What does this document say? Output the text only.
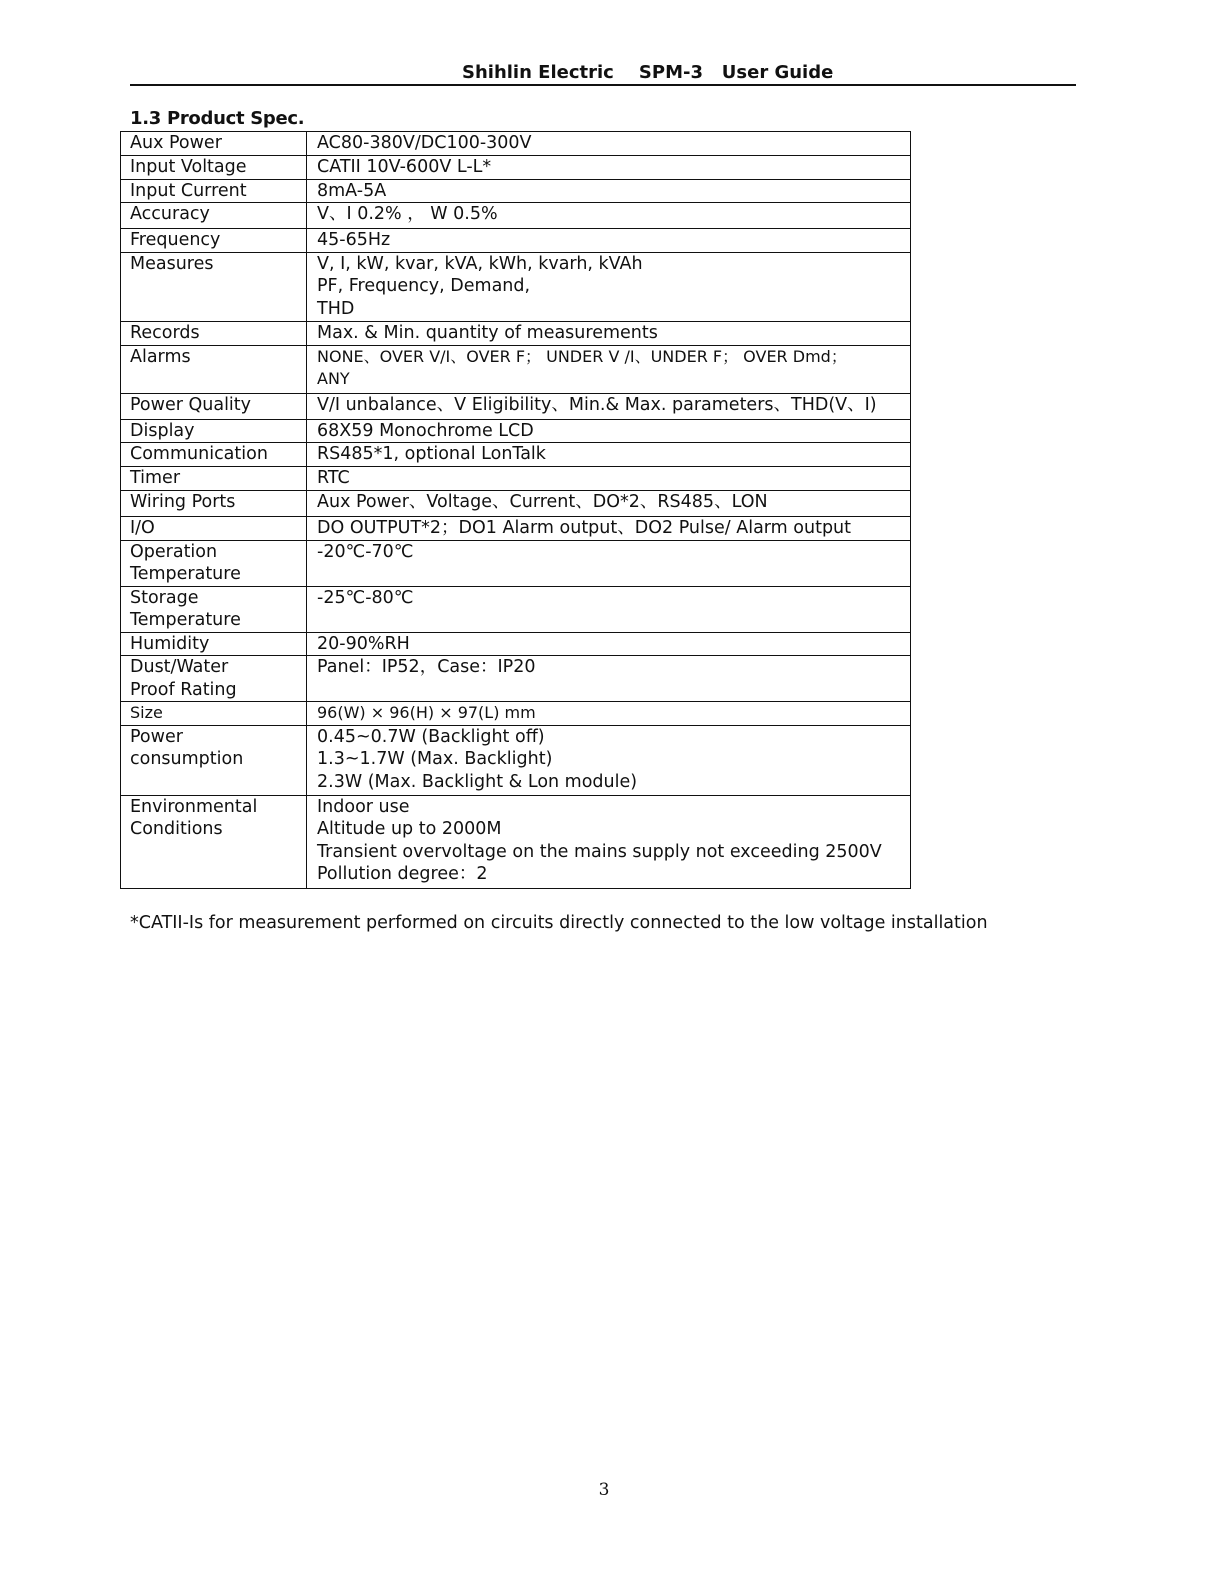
Shihlin Electric    SPM-3   User Guide
1.3 Product Spec.
Aux Power	AC80-380V/DC100-300V

Input Voltage	CATII 10V-600V L-L*

Input Current	8mA-5A

Accuracy	V、I 0.2% ， W 0.5%

Frequency	45-65Hz

Measures	V, I, kW, kvar, kVA, kWh, kvarh, kVAh
PF, Frequency, Demand,
THD

Records	Max. & Min. quantity of measurements

Alarms	NONE、OVER V/I、OVER F； UNDER V /I、UNDER F； OVER Dmd；
ANY

Power Quality	V/I unbalance、V Eligibility、Min.& Max. parameters、THD(V、I)

Display	68X59 Monochrome LCD

Communication	RS485*1, optional LonTalk

Timer	RTC

Wiring Ports	Aux Power、Voltage、Current、DO*2、RS485、LON

I/O	DO OUTPUT*2；DO1 Alarm output、DO2 Pulse/ Alarm output

Operation
Temperature	-20℃-70℃

Storage
Temperature	-25℃-80℃

Humidity	20-90%RH

Dust/Water
Proof Rating	Panel：IP52，Case：IP20

Size	96(W) × 96(H) × 97(L) mm

Power
consumption	0.45~0.7W (Backlight off)
1.3~1.7W (Max. Backlight)
2.3W (Max. Backlight & Lon module)

Environmental
Conditions	Indoor use
Altitude up to 2000M
Transient overvoltage on the mains supply not exceeding 2500V
Pollution degree：2
*CATII-Is for measurement performed on circuits directly connected to the low voltage installation
3
